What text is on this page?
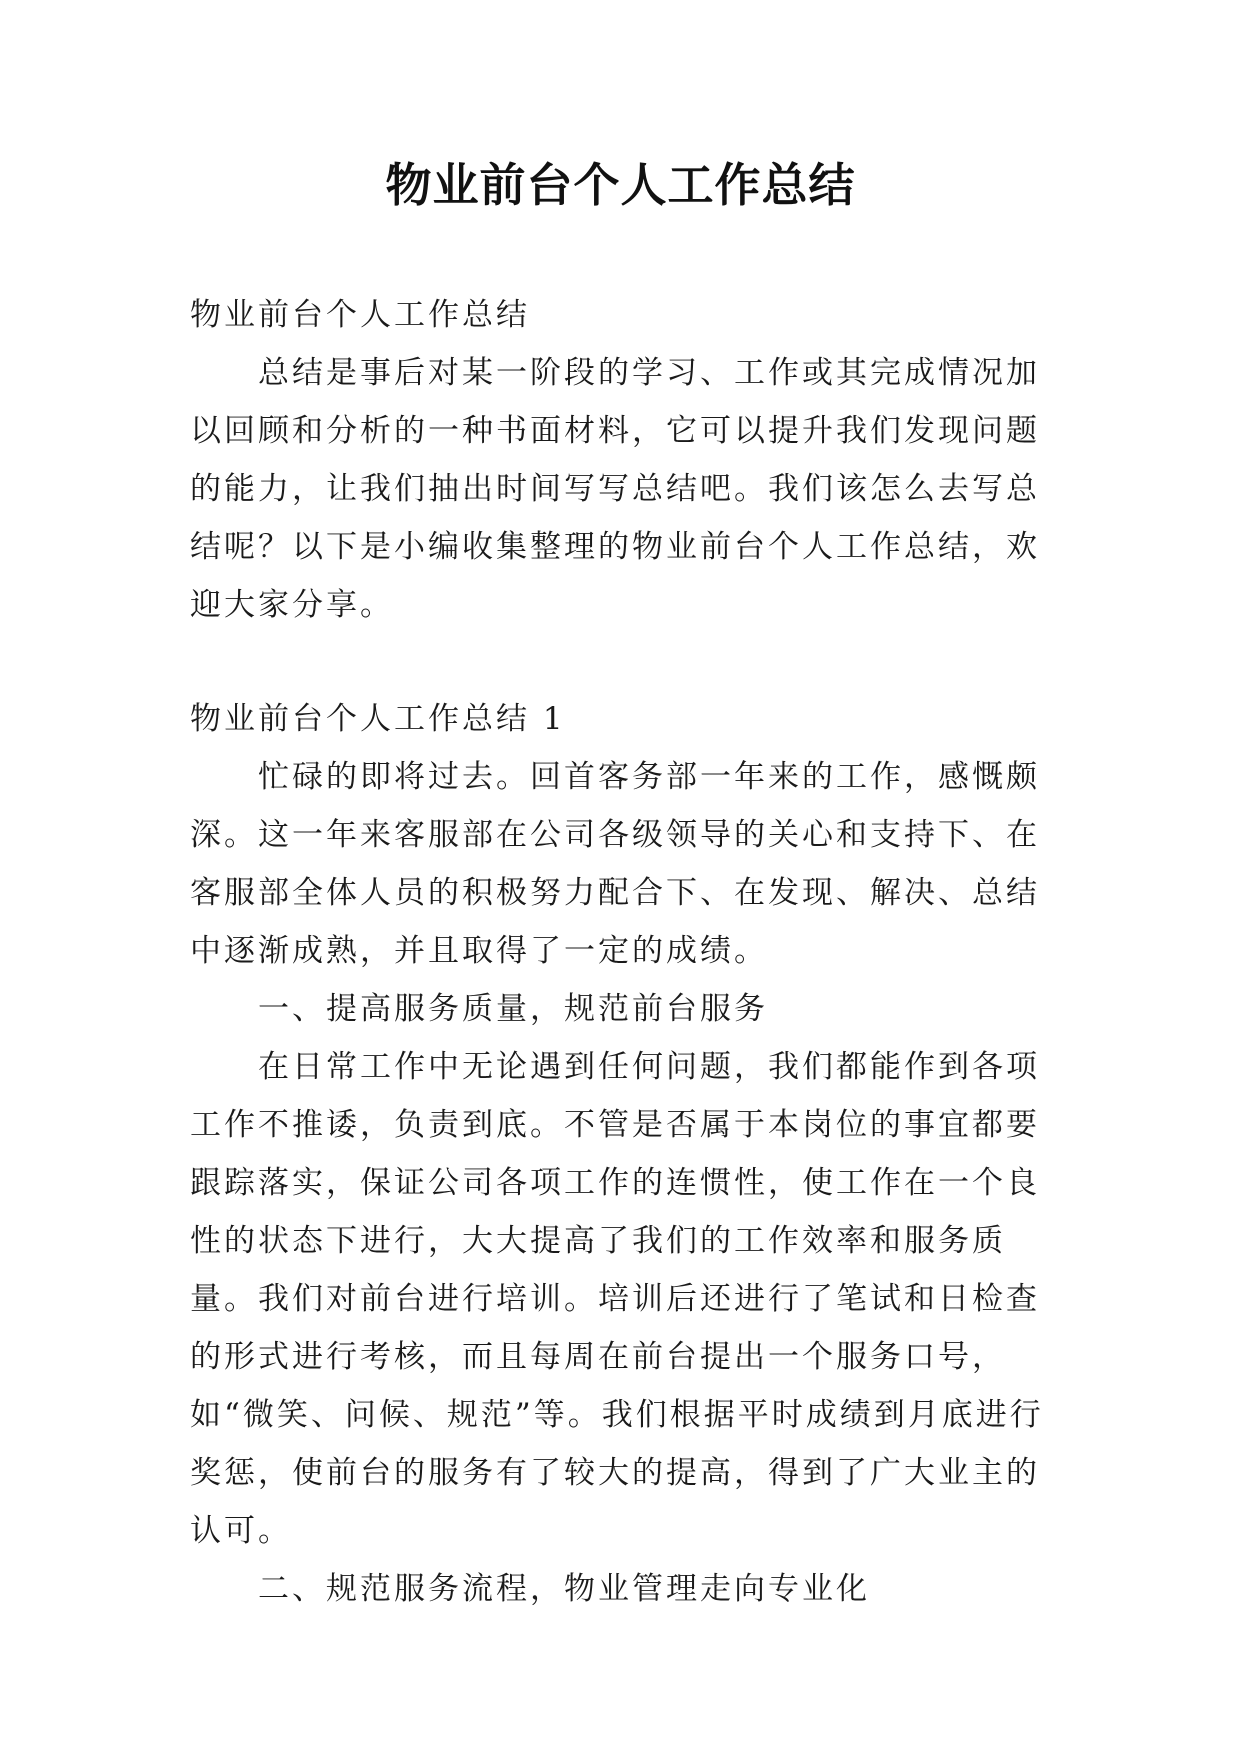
物业前台个人工作总结

物业前台个人工作总结

总结是事后对某一阶段的学习、工作或其完成情况加以回顾和分析的一种书面材料，它可以提升我们发现问题的能力，让我们抽出时间写写总结吧。我们该怎么去写总结呢？以下是小编收集整理的物业前台个人工作总结，欢迎大家分享。

物业前台个人工作总结 1

忙碌的即将过去。回首客务部一年来的工作，感慨颇深。这一年来客服部在公司各级领导的关心和支持下、在客服部全体人员的积极努力配合下、在发现、解决、总结中逐渐成熟，并且取得了一定的成绩。

一、提高服务质量，规范前台服务

在日常工作中无论遇到任何问题，我们都能作到各项工作不推诿，负责到底。不管是否属于本岗位的事宜都要跟踪落实，保证公司各项工作的连惯性，使工作在一个良性的状态下进行，大大提高了我们的工作效率和服务质量。我们对前台进行培训。培训后还进行了笔试和日检查的形式进行考核，而且每周在前台提出一个服务口号，如“微笑、问候、规范”等。我们根据平时成绩到月底进行奖惩，使前台的服务有了较大的提高，得到了广大业主的认可。

二、规范服务流程，物业管理走向专业化
